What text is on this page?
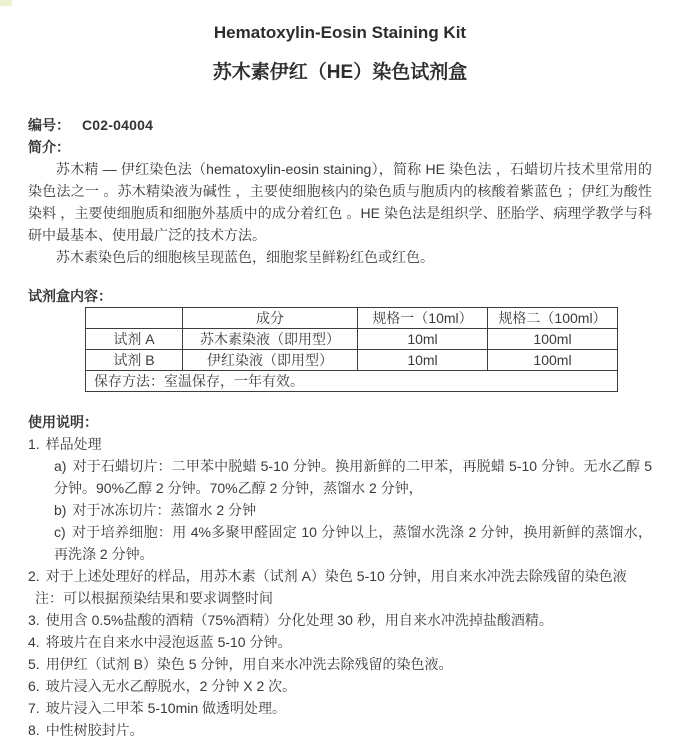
Hematoxylin-Eosin Staining Kit
苏木素伊红（HE）染色试剂盒
编号： C02-04004
简介：

苏木精 — 伊红染色法（hematoxylin-eosin staining），简称 HE 染色法 ，石蜡切片技术里常用的染色法之一 。苏木精染液为碱性 ，主要使细胞核内的染色质与胞质内的核酸着紫蓝色 ；伊红为酸性染料 ，主要使细胞质和细胞外基质中的成分着红色 。HE 染色法是组织学、胚胎学、病理学教学与科研中最基本、使用最广泛的技术方法。

苏木素染色后的细胞核呈现蓝色，细胞浆呈鲜粉红色或红色。

试剂盒内容：
	成分	规格一（10ml）	规格二（100ml）
试剂 A	苏木素染液（即用型）	10ml	100ml
试剂 B	伊红染液（即用型）	10ml	100ml
保存方法：室温保存，一年有效。			
使用说明：
1. 样品处理
a) 对于石蜡切片：二甲苯中脱蜡 5-10 分钟。换用新鲜的二甲苯，再脱蜡 5-10 分钟。无水乙醇 5 分钟。90%乙醇 2 分钟。70%乙醇 2 分钟，蒸馏水 2 分钟，
b) 对于冰冻切片：蒸馏水 2 分钟
c) 对于培养细胞：用 4%多聚甲醛固定 10 分钟以上，蒸馏水洗涤 2 分钟，换用新鲜的蒸馏水，再洗涤 2 分钟。
2. 对于上述处理好的样品，用苏木素（试剂 A）染色 5-10 分钟，用自来水冲洗去除残留的染色液
注：可以根据预染结果和要求调整时间
3. 使用含 0.5%盐酸的酒精（75%酒精）分化处理 30 秒，用自来水冲洗掉盐酸酒精。
4. 将玻片在自来水中浸泡返蓝 5-10 分钟。
5. 用伊红（试剂 B）染色 5 分钟，用自来水冲洗去除残留的染色液。
6. 玻片浸入无水乙醇脱水，2 分钟 X 2 次。
7. 玻片浸入二甲苯 5-10min 做透明处理。
8. 中性树胶封片。
